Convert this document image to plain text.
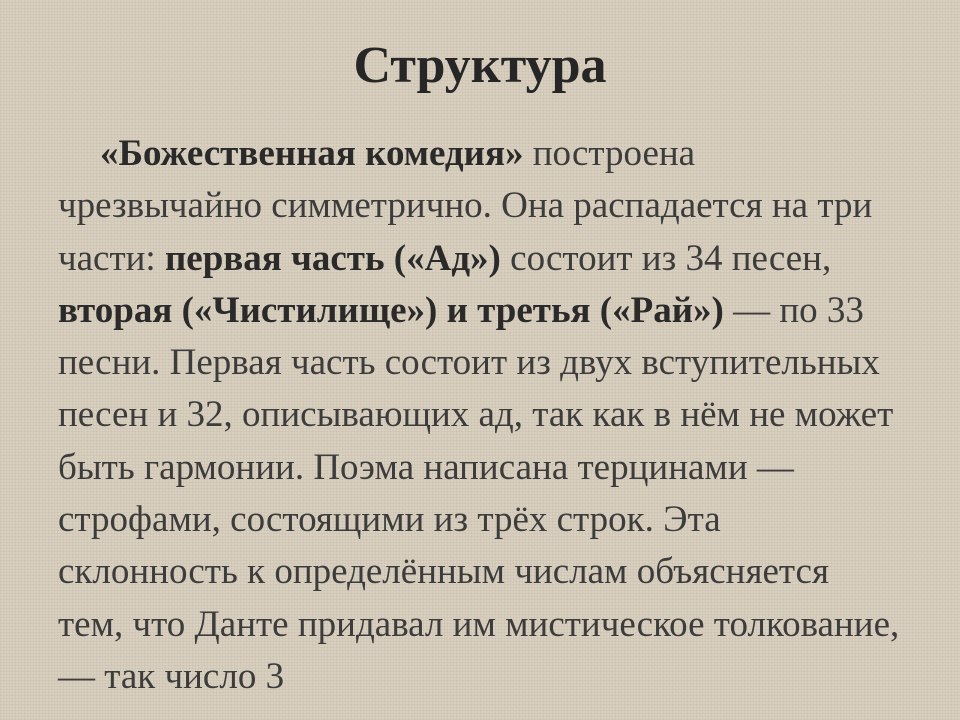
Структура

«Божественная комедия» построена чрезвычайно симметрично. Она распадается на три части: первая часть («Ад») состоит из 34 песен, вторая («Чистилище») и третья («Рай») — по 33 песни. Первая часть состоит из двух вступительных песен и 32, описывающих ад, так как в нём не может быть гармонии. Поэма написана терцинами — строфами, состоящими из трёх строк. Эта склонность к определённым числам объясняется тем, что Данте придавал им мистическое толкование, — так число 3
